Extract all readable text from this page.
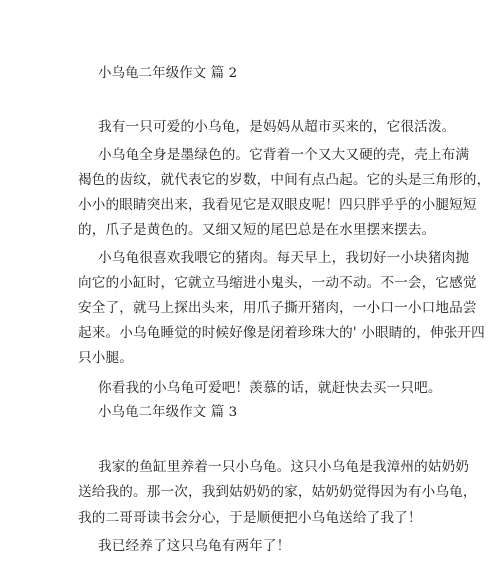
小乌龟二年级作文 篇 2
我有一只可爱的小乌龟，是妈妈从超市买来的，它很活泼。
小乌龟全身是墨绿色的。它背着一个又大又硬的壳，壳上布满
褐色的齿纹，就代表它的岁数，中间有点凸起。它的头是三角形的，
小小的眼睛突出来，我看见它是双眼皮呢！四只胖乎乎的小腿短短
的，爪子是黄色的。又细又短的尾巴总是在水里摆来摆去。
小乌龟很喜欢我喂它的猪肉。每天早上，我切好一小块猪肉抛
向它的小缸时，它就立马缩进小鬼头，一动不动。不一会，它感觉
安全了，就马上探出头来，用爪子撕开猪肉，一小口一小口地品尝
起来。小乌龟睡觉的时候好像是闭着珍珠大的' 小眼睛的，伸张开四
只小腿。
你看我的小乌龟可爱吧！羡慕的话，就赶快去买一只吧。
小乌龟二年级作文 篇 3
我家的鱼缸里养着一只小乌龟。这只小乌龟是我漳州的姑奶奶
送给我的。那一次，我到姑奶奶的家，姑奶奶觉得因为有小乌龟，
我的二哥哥读书会分心，于是顺便把小乌龟送给了我了！
我已经养了这只乌龟有两年了！
